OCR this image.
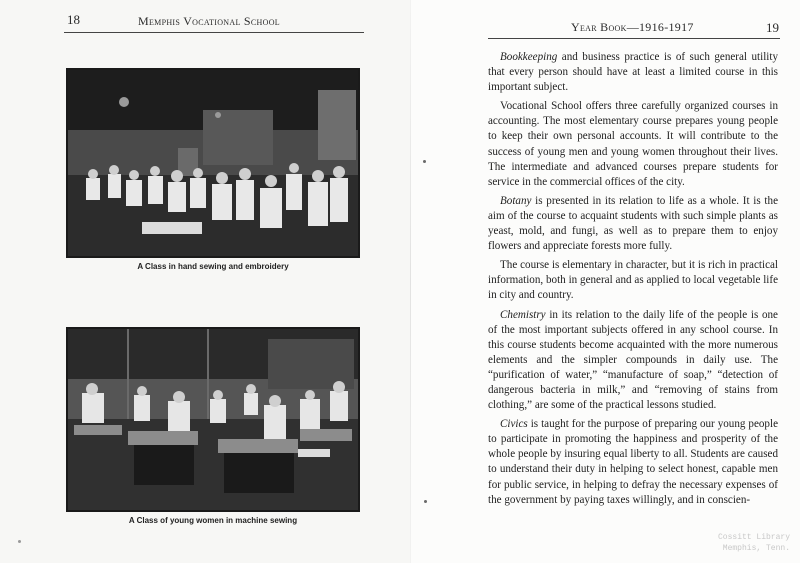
18	Memphis Vocational School
A Class in hand sewing and embroidery
A Class of young women in machine sewing
Year Book—1916-1917	19

Bookkeeping and business practice is of such general utility that every person should have at least a limited course in this important subject.

Vocational School offers three carefully organized courses in accounting. The most elementary course prepares young people to keep their own personal accounts. It will contribute to the success of young men and young women throughout their lives. The intermediate and advanced courses prepare students for service in the commercial offices of the city.

Botany is presented in its relation to life as a whole. It is the aim of the course to acquaint students with such simple plants as yeast, mold, and fungi, as well as to prepare them to enjoy flowers and appreciate forests more fully.

The course is elementary in character, but it is rich in practical information, both in general and as applied to local vegetable life in city and country.

Chemistry in its relation to the daily life of the people is one of the most important subjects offered in any school course. In this course students become acquainted with the more numerous elements and the simpler compounds in daily use. The “purification of water,” “manufacture of soap,” “detection of dangerous bacteria in milk,” and “removing of stains from clothing,” are some of the practical lessons studied.

Civics is taught for the purpose of preparing our young people to participate in promoting the happiness and prosperity of the whole people by insuring equal liberty to all. Students are caused to understand their duty in helping to select honest, capable men for public service, in helping to defray the necessary expenses of the government by paying taxes willingly, and in conscien-

Cossitt Library
Memphis, Tenn.
